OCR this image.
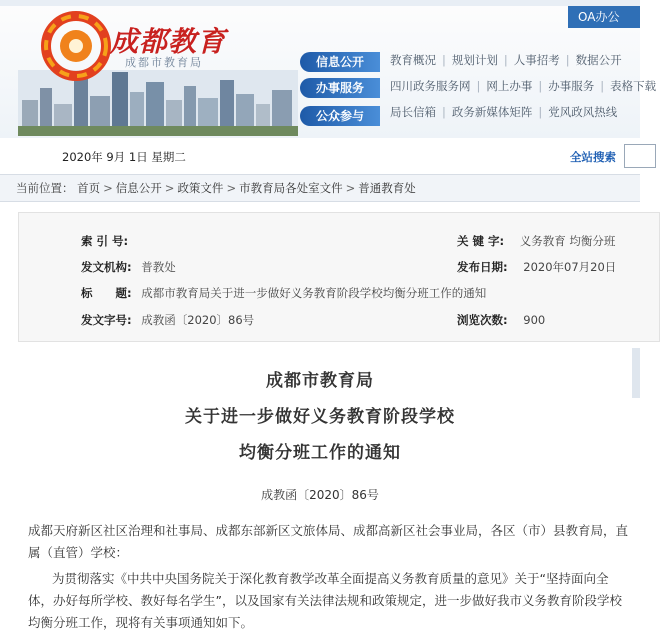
OA办公
成都教育
成都市教育局	信息公开
办事服务
公众参与
教育概况 | 规划计划 | 人事招考 | 数据公开
四川政务服务网 | 网上办事 | 办事服务 | 表格下载
局长信箱 | 政务新媒体矩阵 | 党风政风热线
2020年 9月 1日 星期二	全站搜索
当前位置： 首页 > 信息公开 > 政策文件 > 市教育局各处室文件 > 普通教育处
索 引 号:	关 键 字: 义务教育 均衡分班
发文机构: 普教处	发布日期: 2020年07月20日
标　　题: 成都市教育局关于进一步做好义务教育阶段学校均衡分班工作的通知
发文字号: 成教函〔2020〕86号	浏览次数: 900
成都市教育局
关于进一步做好义务教育阶段学校
均衡分班工作的通知
成教函〔2020〕86号
成都天府新区社区治理和社事局、成都东部新区文旅体局、成都高新区社会事业局，各区（市）县教育局，直属（直管）学校：
为贯彻落实《中共中央国务院关于深化教育教学改革全面提高义务教育质量的意见》关于“坚持面向全体，办好每所学校、教好每名学生”，以及国家有关法律法规和政策规定，进一步做好我市义务教育阶段学校均衡分班工作，现将有关事项通知如下。
